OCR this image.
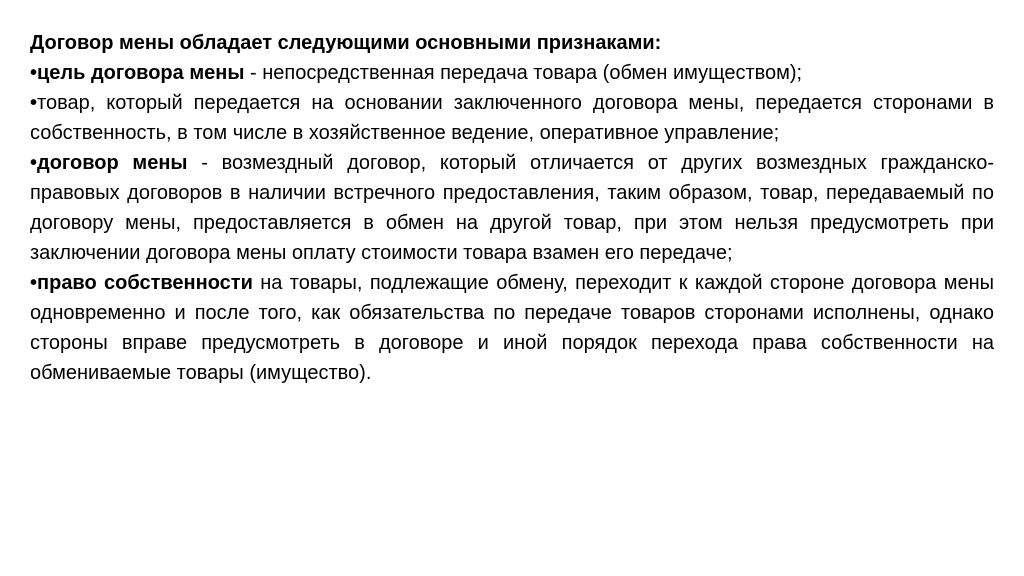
Договор мены обладает следующими основными признаками:

•цель договора мены - непосредственная передача товара (обмен имуществом);

•товар, который передается на основании заключенного договора мены, передается сторонами в собственность, в том числе в хозяйственное ведение, оперативное управление;

•договор мены - возмездный договор, который отличается от других возмездных гражданско-правовых договоров в наличии встречного предоставления, таким образом, товар, передаваемый по договору мены, предоставляется в обмен на другой товар, при этом нельзя предусмотреть при заключении договора мены оплату стоимости товара взамен его передаче;

•право собственности на товары, подлежащие обмену, переходит к каждой стороне договора мены одновременно и после того, как обязательства по передаче товаров сторонами исполнены, однако стороны вправе предусмотреть в договоре и иной порядок перехода права собственности на обмениваемые товары (имущество).
